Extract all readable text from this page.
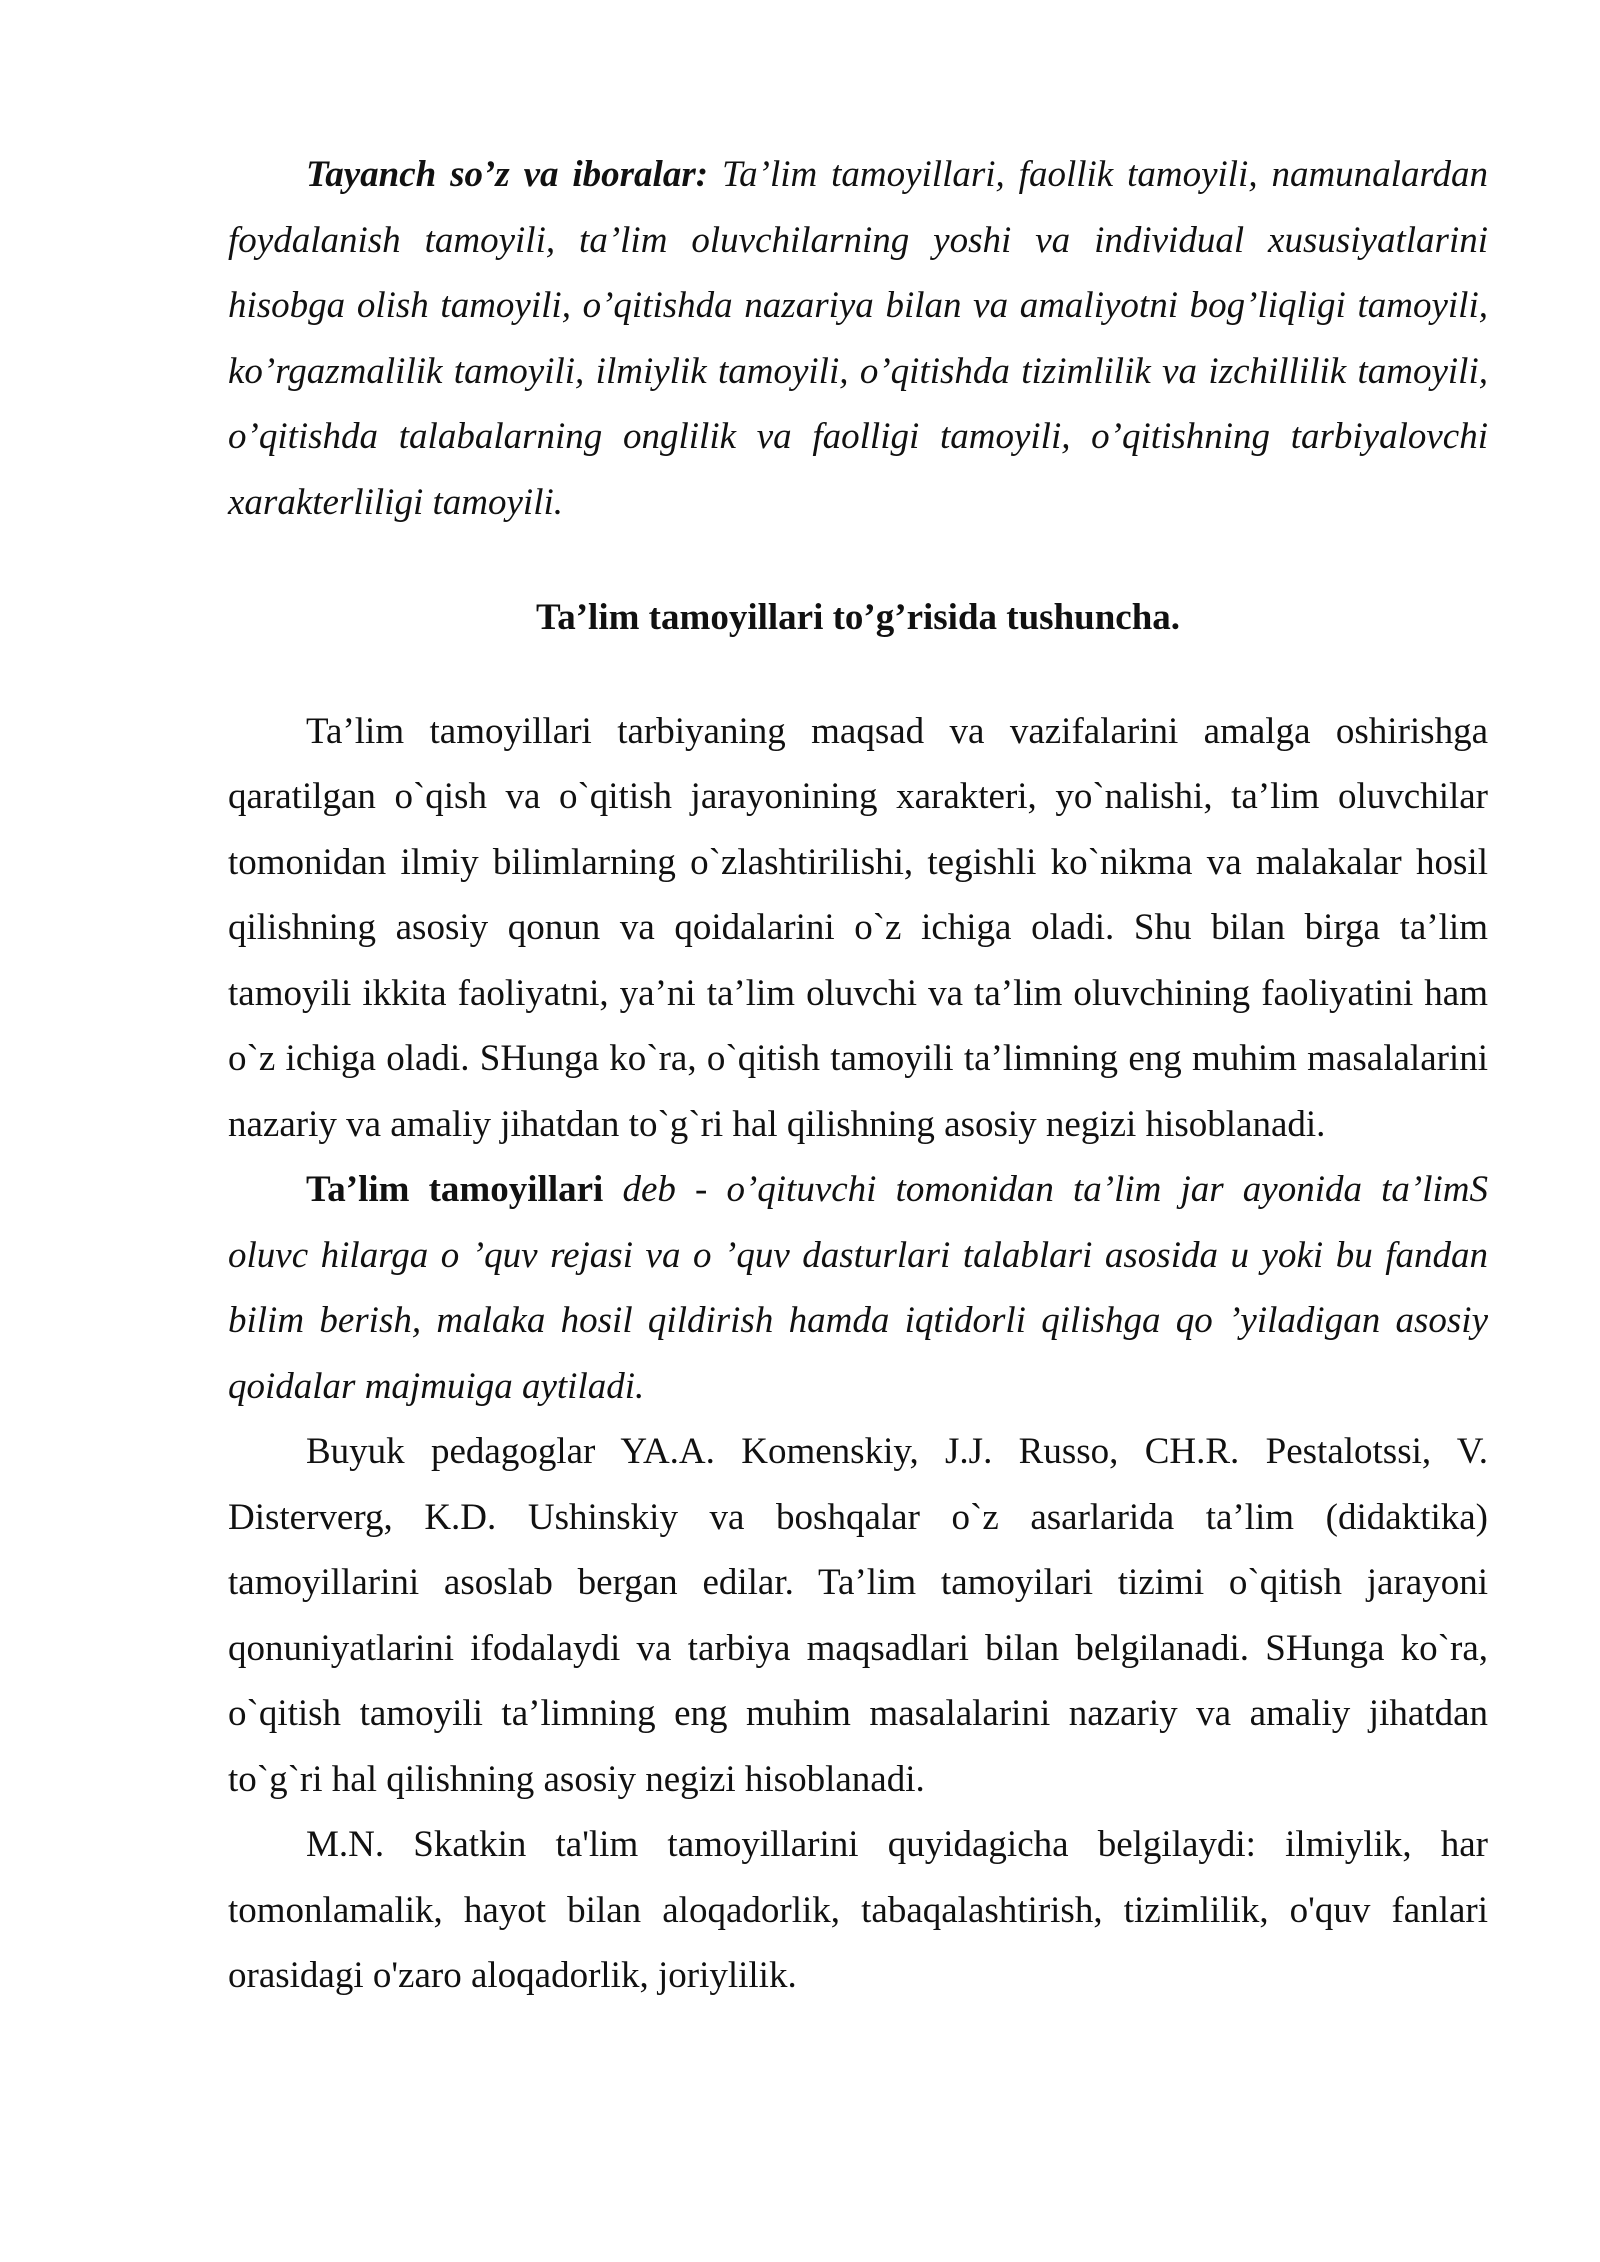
Tayanch so’z va iboralar: Ta’lim tamoyillari, faollik tamoyili, namunalardan foydalanish tamoyili, ta’lim oluvchilarning yoshi va individual xususiyatlarini hisobga olish tamoyili, o’qitishda nazariya bilan va amaliyotni bog’liqligi tamoyili, ko’rgazmalilik tamoyili, ilmiylik tamoyili, o’qitishda tizimlilik va izchillilik tamoyili, o’qitishda talabalarning onglilik va faolligi tamoyili, o’qitishning tarbiyalovchi xarakterliligi tamoyili.

Ta’lim tamoyillari to’g’risida tushuncha.

Ta’lim tamoyillari tarbiyaning maqsad va vazifalarini amalga oshirishga qaratilgan o`qish va o`qitish jarayonining xarakteri, yo`nalishi, ta’lim oluvchilar tomonidan ilmiy bilimlarning o`zlashtirilishi, tegishli ko`nikma va malakalar hosil qilishning asosiy qonun va qoidalarini o`z ichiga oladi. Shu bilan birga ta’lim tamoyili ikkita faoliyatni, ya’ni ta’lim oluvchi va ta’lim oluvchining faoliyatini ham o`z ichiga oladi. SHunga ko`ra, o`qitish tamoyili ta’limning eng muhim masalalarini nazariy va amaliy jihatdan to`g`ri hal qilishning asosiy negizi hisoblanadi.

Ta’lim tamoyillari deb - o’qituvchi tomonidan ta’lim jar ayonida ta’limS oluvc hilarga o ’quv rejasi va o ’quv dasturlari talablari asosida u yoki bu fandan bilim berish, malaka hosil qildirish hamda iqtidorli qilishga qo ’yiladigan asosiy qoidalar majmuiga aytiladi.

Buyuk pedagoglar YA.A. Komenskiy, J.J. Russo, CH.R. Pestalotssi, V. Disterverg, K.D. Ushinskiy va boshqalar o`z asarlarida ta’lim (didaktika) tamoyillarini asoslab bergan edilar. Ta’lim tamoyilari tizimi o`qitish jarayoni qonuniyatlarini ifodalaydi va tarbiya maqsadlari bilan belgilanadi. SHunga ko`ra, o`qitish tamoyili ta’limning eng muhim masalalarini nazariy va amaliy jihatdan to`g`ri hal qilishning asosiy negizi hisoblanadi.

M.N. Skatkin ta'lim tamoyillarini quyidagicha belgilaydi: ilmiylik, har tomonlamalik, hayot bilan aloqadorlik, tabaqalashtirish, tizimlilik, o'quv fanlari orasidagi o'zaro aloqadorlik, joriylilik.
